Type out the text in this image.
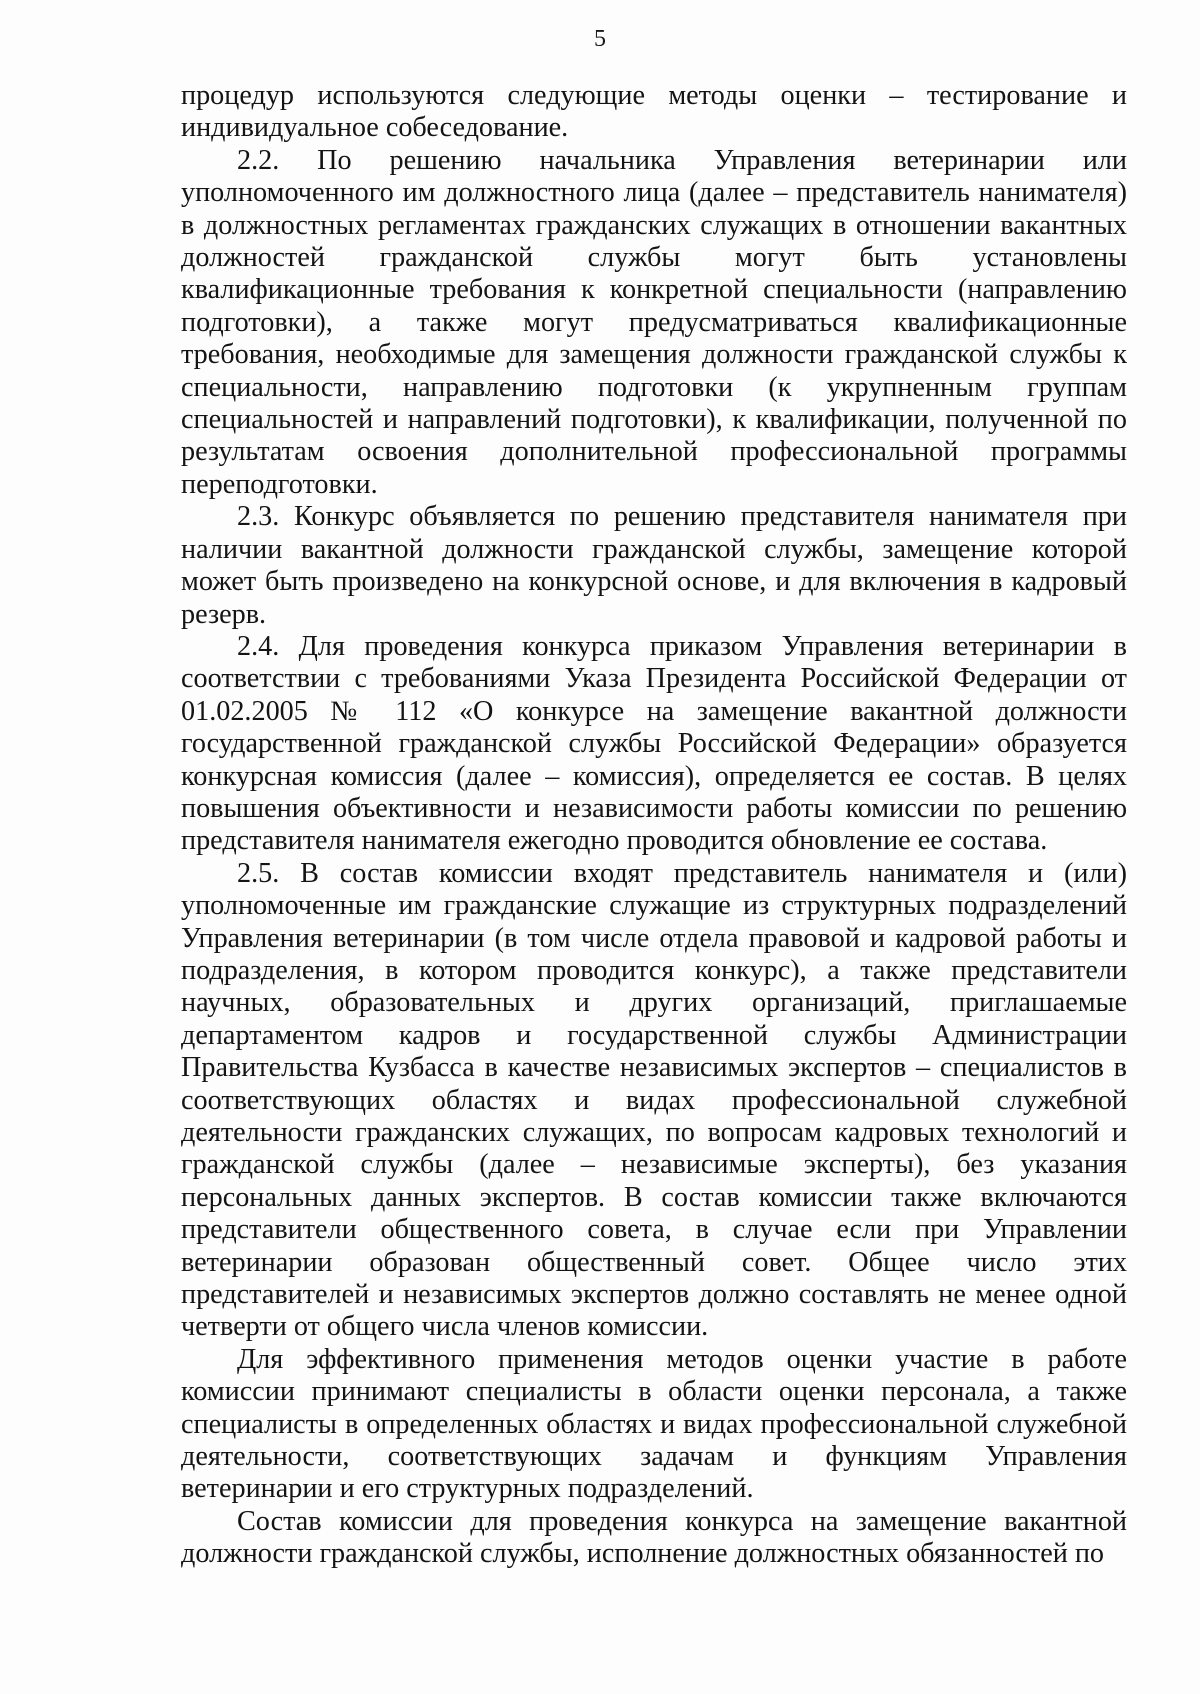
5

процедур используются следующие методы оценки – тестирование и индивидуальное собеседование.

2.2. По решению начальника Управления ветеринарии или уполномоченного им должностного лица (далее – представитель нанимателя) в должностных регламентах гражданских служащих в отношении вакантных должностей гражданской службы могут быть установлены квалификационные требования к конкретной специальности (направлению подготовки), а также могут предусматриваться квалификационные требования, необходимые для замещения должности гражданской службы к специальности, направлению подготовки (к укрупненным группам специальностей и направлений подготовки), к квалификации, полученной по результатам освоения дополнительной профессиональной программы переподготовки.

2.3. Конкурс объявляется по решению представителя нанимателя при наличии вакантной должности гражданской службы, замещение которой может быть произведено на конкурсной основе, и для включения в кадровый резерв.

2.4. Для проведения конкурса приказом Управления ветеринарии в соответствии с требованиями Указа Президента Российской Федерации от 01.02.2005 № 112 «О конкурсе на замещение вакантной должности государственной гражданской службы Российской Федерации» образуется конкурсная комиссия (далее – комиссия), определяется ее состав. В целях повышения объективности и независимости работы комиссии по решению представителя нанимателя ежегодно проводится обновление ее состава.

2.5. В состав комиссии входят представитель нанимателя и (или) уполномоченные им гражданские служащие из структурных подразделений Управления ветеринарии (в том числе отдела правовой и кадровой работы и подразделения, в котором проводится конкурс), а также представители научных, образовательных и других организаций, приглашаемые департаментом кадров и государственной службы Администрации Правительства Кузбасса в качестве независимых экспертов – специалистов в соответствующих областях и видах профессиональной служебной деятельности гражданских служащих, по вопросам кадровых технологий и гражданской службы (далее – независимые эксперты), без указания персональных данных экспертов. В состав комиссии также включаются представители общественного совета, в случае если при Управлении ветеринарии образован общественный совет. Общее число этих представителей и независимых экспертов должно составлять не менее одной четверти от общего числа членов комиссии.

Для эффективного применения методов оценки участие в работе комиссии принимают специалисты в области оценки персонала, а также специалисты в определенных областях и видах профессиональной служебной деятельности, соответствующих задачам и функциям Управления ветеринарии и его структурных подразделений.

Состав комиссии для проведения конкурса на замещение вакантной должности гражданской службы, исполнение должностных обязанностей по
